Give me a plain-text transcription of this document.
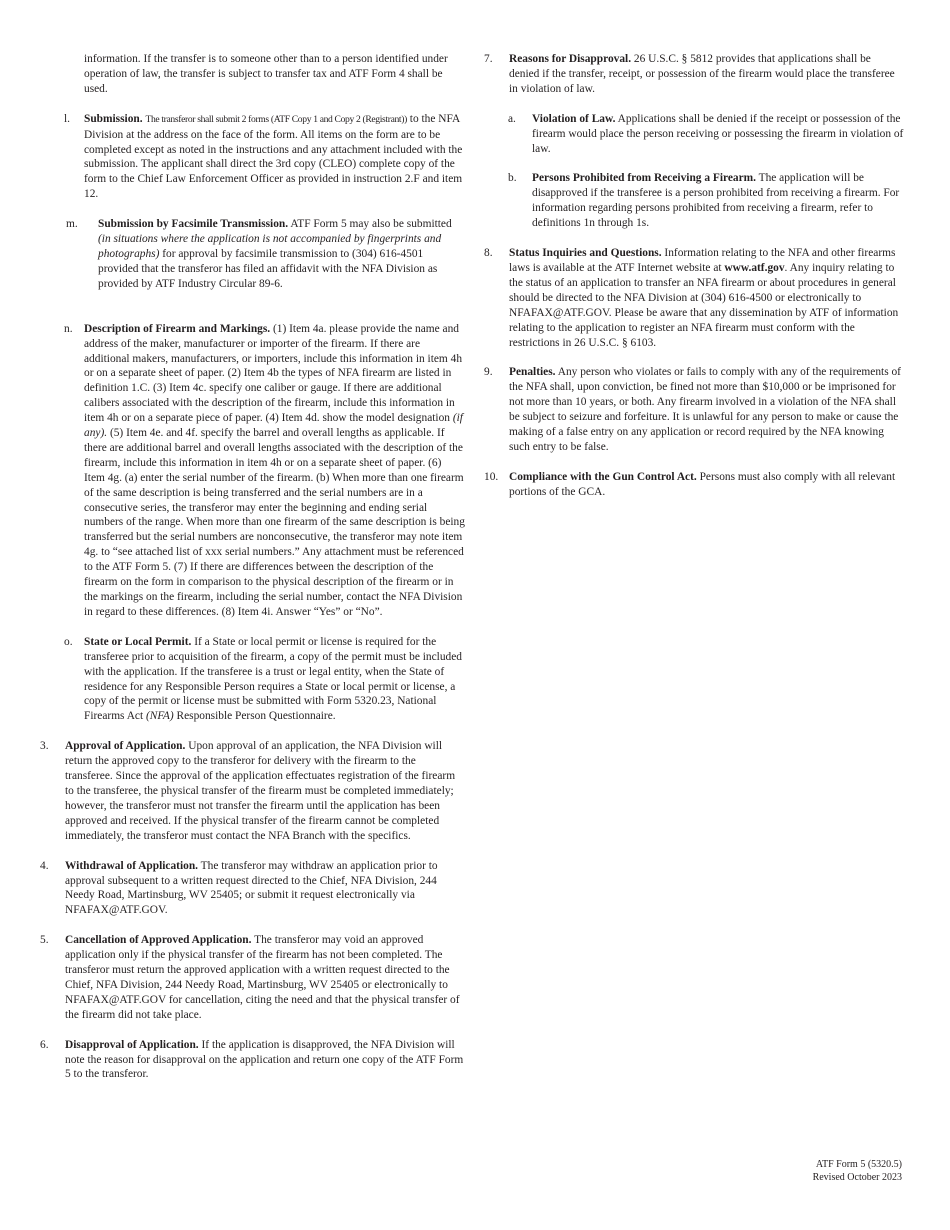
information. If the transfer is to someone other than to a person identified under operation of law, the transfer is subject to transfer tax and ATF Form 4 shall be used.

l. Submission. The transferor shall submit 2 forms (ATF Copy 1 and Copy 2 (Registrant)) to the NFA Division at the address on the face of the form. All items on the form are to be completed except as noted in the instructions and any attachment included with the submission. The applicant shall direct the 3rd copy (CLEO) complete copy of the form to the Chief Law Enforcement Officer as provided in instruction 2.F and item 12.
m.	Submission by Facsimile Transmission. ATF Form 5 may also be submitted (in situations where the application is not accompanied by fingerprints and photographs) for approval by facsimile transmission to (304) 616-4501 provided that the transferor has filed an affidavit with the NFA Division as provided by ATF Industry Circular 89-6.
n. Description of Firearm and Markings. (1) Item 4a. please provide the name and address of the maker, manufacturer or importer of the firearm. If there are additional makers, manufacturers, or importers, include this information in item 4h or on a separate sheet of paper. (2) Item 4b the types of NFA firearm are listed in definition 1.C. (3) Item 4c. specify one caliber or gauge. If there are additional calibers associated with the description of the firearm, include this information in item 4h or on a separate piece of paper. (4) Item 4d. show the model designation (if any). (5) Item 4e. and 4f. specify the barrel and overall lengths as applicable. If there are additional barrel and overall lengths associated with the description of the firearm, include this information in item 4h or on a separate sheet of paper. (6) Item 4g. (a) enter the serial number of the firearm. (b) When more than one firearm of the same description is being transferred and the serial numbers are in a consecutive series, the transferor may enter the beginning and ending serial numbers of the range. When more than one firearm of the same description is being transferred but the serial numbers are nonconsecutive, the transferor may note item 4g. to “see attached list of xxx serial numbers.” Any attachment must be referenced to the ATF Form 5. (7) If there are differences between the description of the firearm on the form in comparison to the physical description of the firearm or in the markings on the firearm, including the serial number, contact the NFA Division in regard to these differences. (8) Item 4i. Answer “Yes” or “No”.
o. State or Local Permit. If a State or local permit or license is required for the transferee prior to acquisition of the firearm, a copy of the permit must be included with the application. If the transferee is a trust or legal entity, when the State of residence for any Responsible Person requires a State or local permit or license, a copy of the permit or license must be submitted with Form 5320.23, National Firearms Act (NFA) Responsible Person Questionnaire.
3. Approval of Application. Upon approval of an application, the NFA Division will return the approved copy to the transferor for delivery with the firearm to the transferee. Since the approval of the application effectuates registration of the firearm to the transferee, the physical transfer of the firearm must be completed immediately; however, the transferor must not transfer the firearm until the application has been approved and received. If the physical transfer of the firearm cannot be completed immediately, the transferor must contact the NFA Branch with the specifics.
4. Withdrawal of Application. The transferor may withdraw an application prior to approval subsequent to a written request directed to the Chief, NFA Division, 244 Needy Road, Martinsburg, WV 25405; or submit it request electronically via NFAFAX@ATF.GOV.
5. Cancellation of Approved Application. The transferor may void an approved application only if the physical transfer of the firearm has not been completed. The transferor must return the approved application with a written request directed to the Chief, NFA Division, 244 Needy Road, Martinsburg, WV 25405 or electronically to NFAFAX@ATF.GOV for cancellation, citing the need and that the physical transfer of the firearm did not take place.
6. Disapproval of Application. If the application is disapproved, the NFA Division will note the reason for disapproval on the application and return one copy of the ATF Form 5 to the transferor.
7. Reasons for Disapproval. 26 U.S.C. § 5812 provides that applications shall be denied if the transfer, receipt, or possession of the firearm would place the transferee in violation of law.
a. Violation of Law. Applications shall be denied if the receipt or possession of the firearm would place the person receiving or possessing the firearm in violation of law.
b. Persons Prohibited from Receiving a Firearm. The application will be disapproved if the transferee is a person prohibited from receiving a firearm. For information regarding persons prohibited from receiving a firearm, refer to definitions 1n through 1s.
8. Status Inquiries and Questions. Information relating to the NFA and other firearms laws is available at the ATF Internet website at www.atf.gov. Any inquiry relating to the status of an application to transfer an NFA firearm or about procedures in general should be directed to the NFA Division at (304) 616-4500 or electronically to NFAFAX@ATF.GOV. Please be aware that any dissemination by ATF of information relating to the application to register an NFA firearm must conform with the restrictions in 26 U.S.C. § 6103.
9. Penalties. Any person who violates or fails to comply with any of the requirements of the NFA shall, upon conviction, be fined not more than $10,000 or be imprisoned for not more than 10 years, or both. Any firearm involved in a violation of the NFA shall be subject to seizure and forfeiture. It is unlawful for any person to make or cause the making of a false entry on any application or record required by the NFA knowing such entry to be false.
10. Compliance with the Gun Control Act. Persons must also comply with all relevant portions of the GCA.
ATF Form 5 (5320.5)
Revised October 2023
